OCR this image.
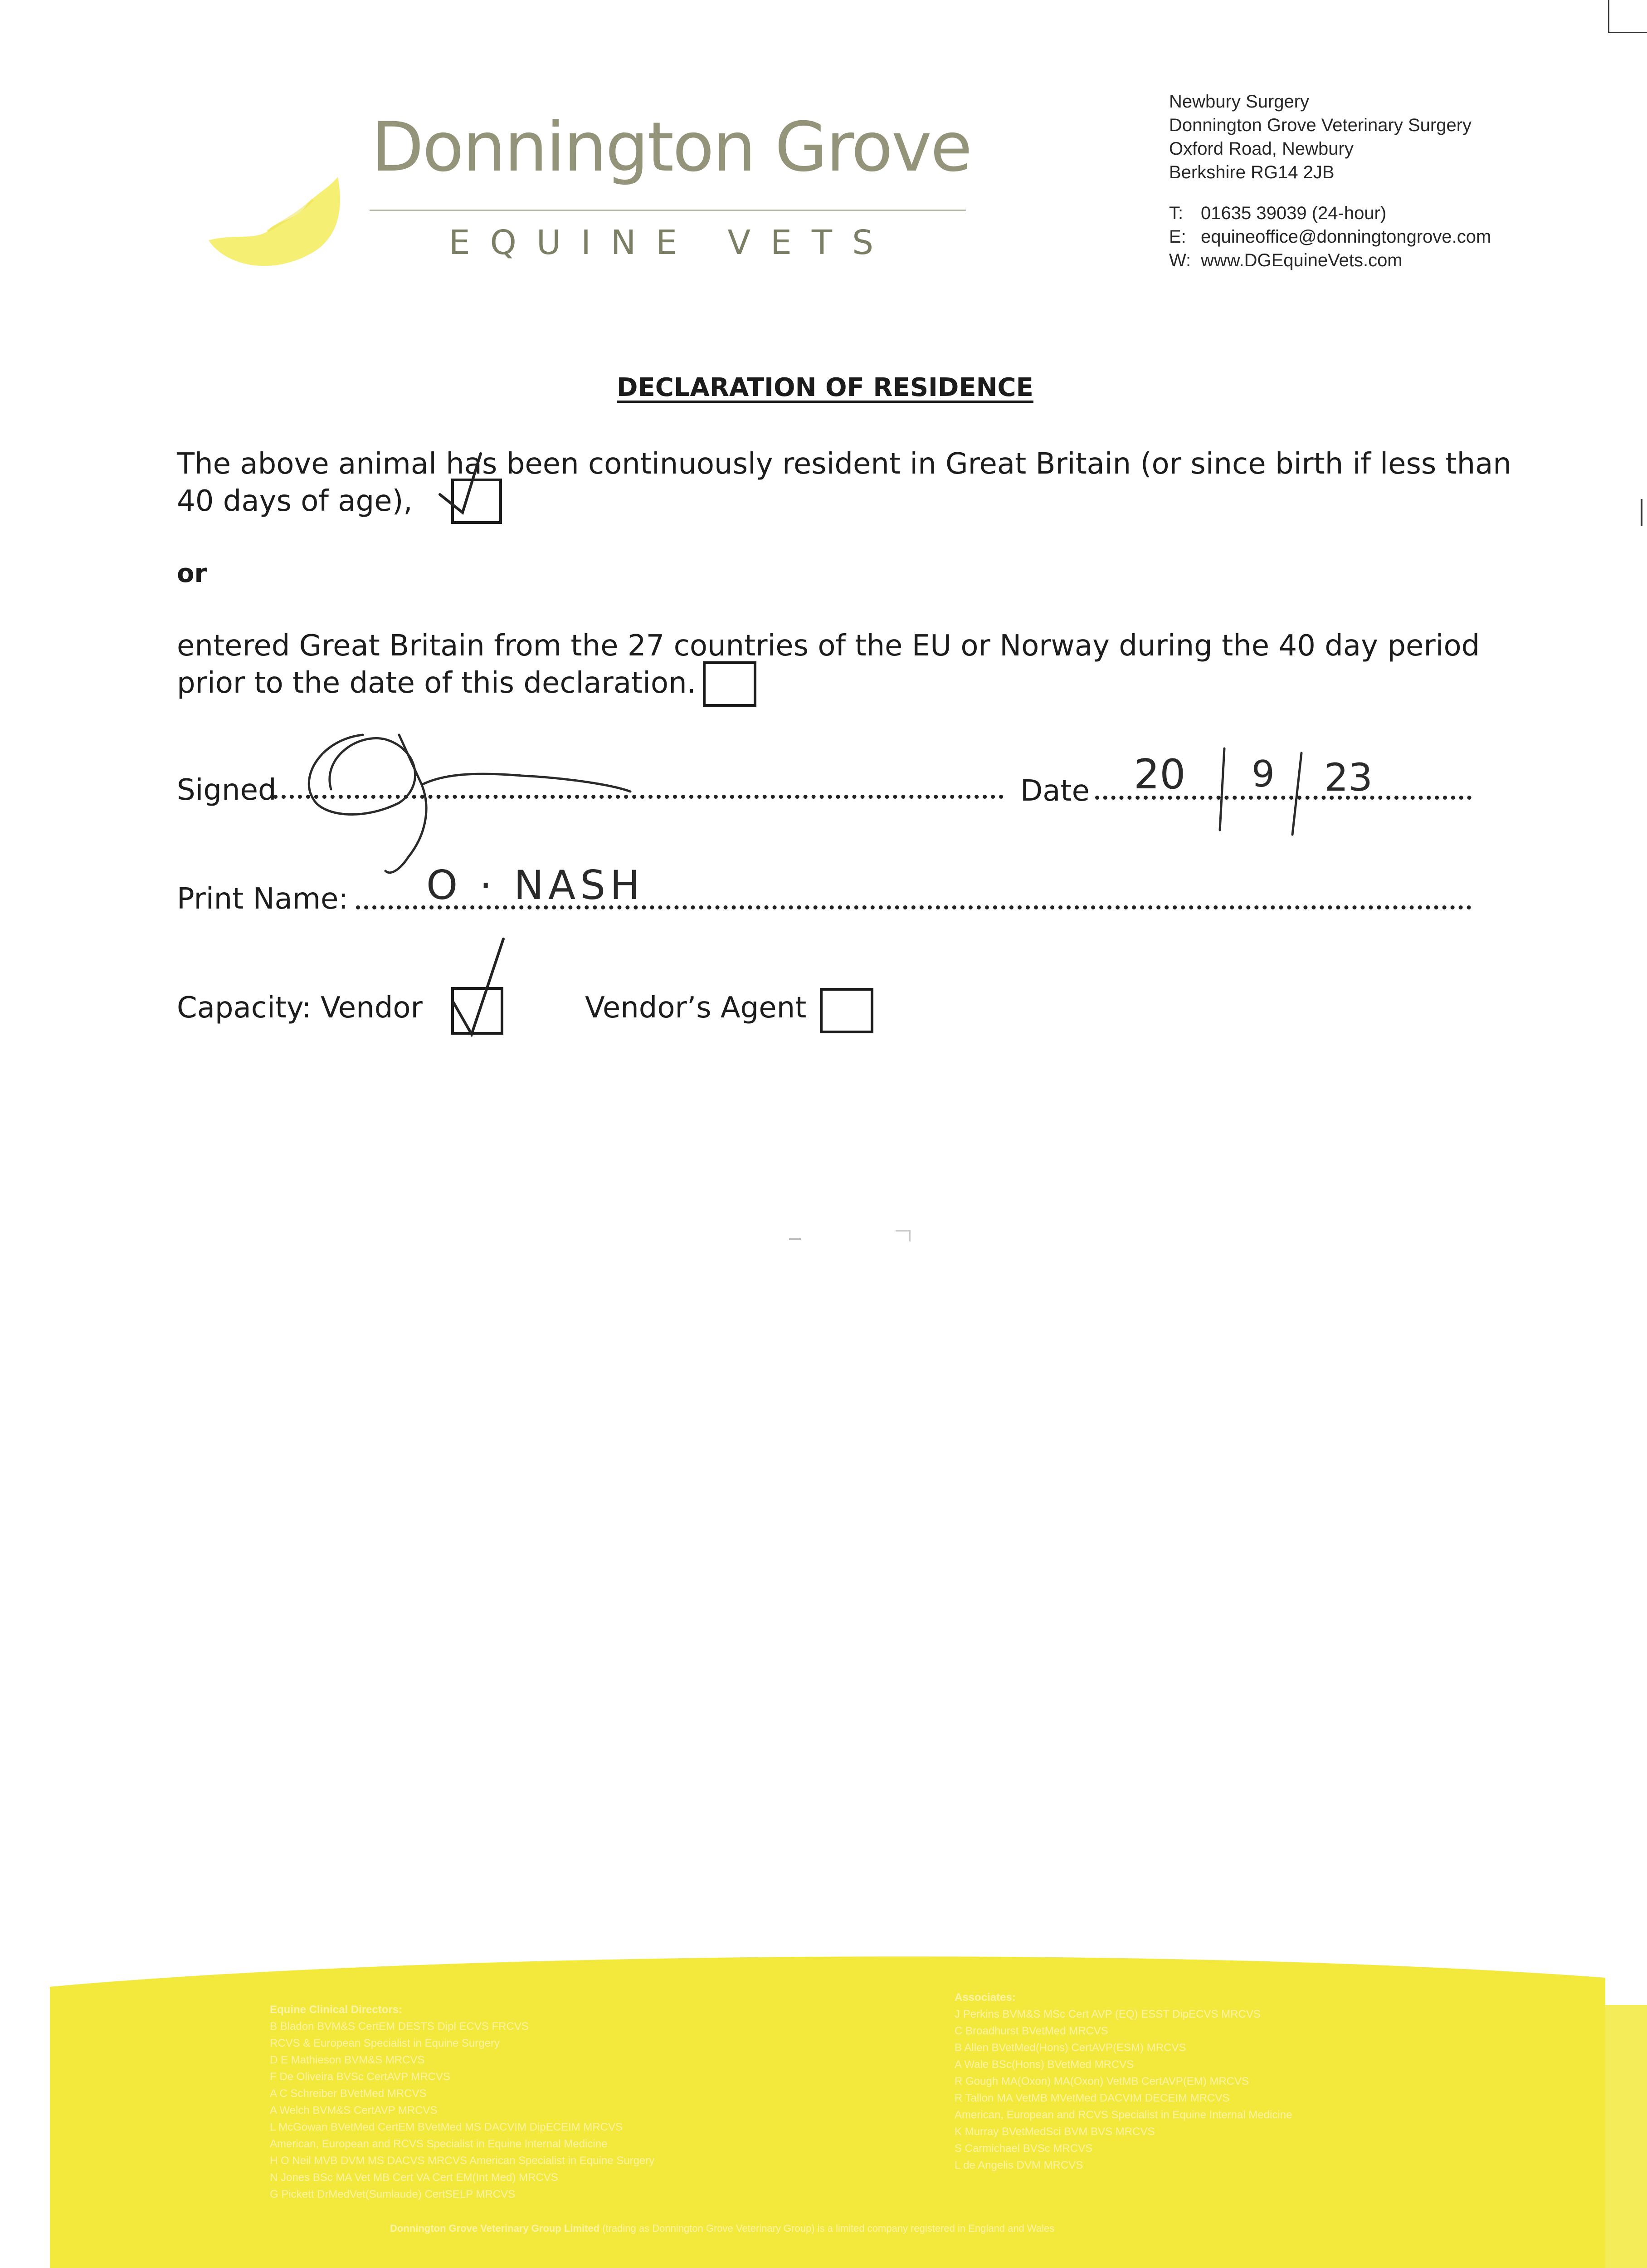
Donnington Grove
EQUINE VETS
Newbury Surgery
Donnington Grove Veterinary Surgery
Oxford Road, Newbury
Berkshire RG14 2JB
T: 01635 39039 (24-hour)
E: equineoffice@donningtongrove.com
W: www.DGEquineVets.com
DECLARATION OF RESIDENCE
The above animal has been continuously resident in Great Britain (or since birth if less than
40 days of age),
or
entered Great Britain from the 27 countries of the EU or Norway during the 40 day period
prior to the date of this declaration.
Signed	Date 20 9 23
Print Name: O · NASH
Capacity: Vendor	Vendor’s Agent
Equine Clinical Directors:
B Bladon BVM&S CertEM DESTS Dipl ECVS FRCVS
RCVS & European Specialist in Equine Surgery
D E Mathieson BVM&S MRCVS
F De Oliveira BVSc CertAVP MRCVS
A C Schreiber BVetMed MRCVS
A Welch BVM&S CertAVP MRCVS
L McGowan BVetMed CertEM BVetMed MS DACVIM DipECEIM MRCVS
American, European and RCVS Specialist in Equine Internal Medicine
H O Neil MVB DVM MS DACVS MRCVS American Specialist in Equine Surgery
N Jones BSc MA Vet MB Cert VA Cert EM(Int Med) MRCVS
G Pickett DrMedVet(Sumlaude) CertSELP MRCVS
Associates:
J Perkins BVM&S MSc Cert AVP (EQ) ESST DipECVS MRCVS
C Broadhurst BVetMed MRCVS
B Allen BVetMed(Hons) CertAVP(ESM) MRCVS
A Wale BSc(Hons) BVetMed MRCVS
R Gough MA(Oxon) MA(Oxon) VetMB CertAVP(EM) MRCVS
R Tallon MA VetMB MVetMed DACVIM DECEIM MRCVS
American, European and RCVS Specialist in Equine Internal Medicine
K Murray BVetMedSci BVM BVS MRCVS
S Carmichael BVSc MRCVS
L de Angelis DVM MRCVS
Donnington Grove Veterinary Group Limited (trading as Donnington Grove Veterinary Group) is a limited company registered in England and Wales
